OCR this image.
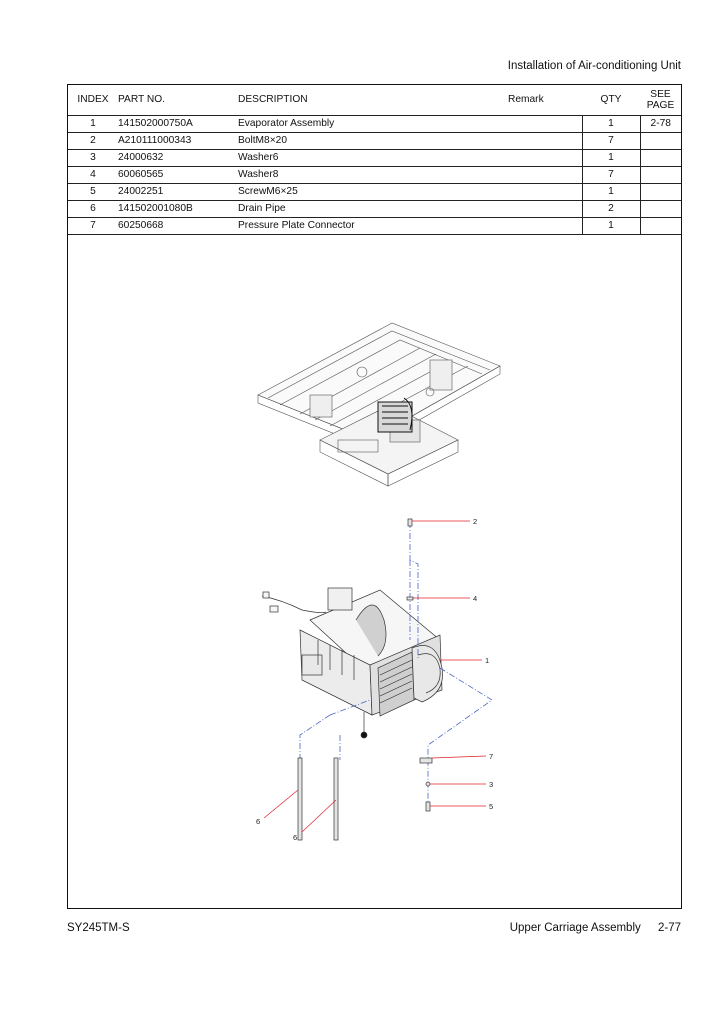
Installation of Air-conditioning Unit
INDEX	PART NO.	DESCRIPTION	Remark	QTY	SEE
PAGE

1	141502000750A	Evaporator Assembly		1	2-78
2	A210111000343	BoltM8×20		7	
3	24000632	Washer6		1	
4	60060565	Washer8		7	
5	24002251	ScrewM6×25		1	
6	141502001080B	Drain Pipe		2	
7	60250668	Pressure Plate Connector		1	
2
4
1
7
3
5
6
6
SY245TM-S	Upper Carriage Assembly 2-77
